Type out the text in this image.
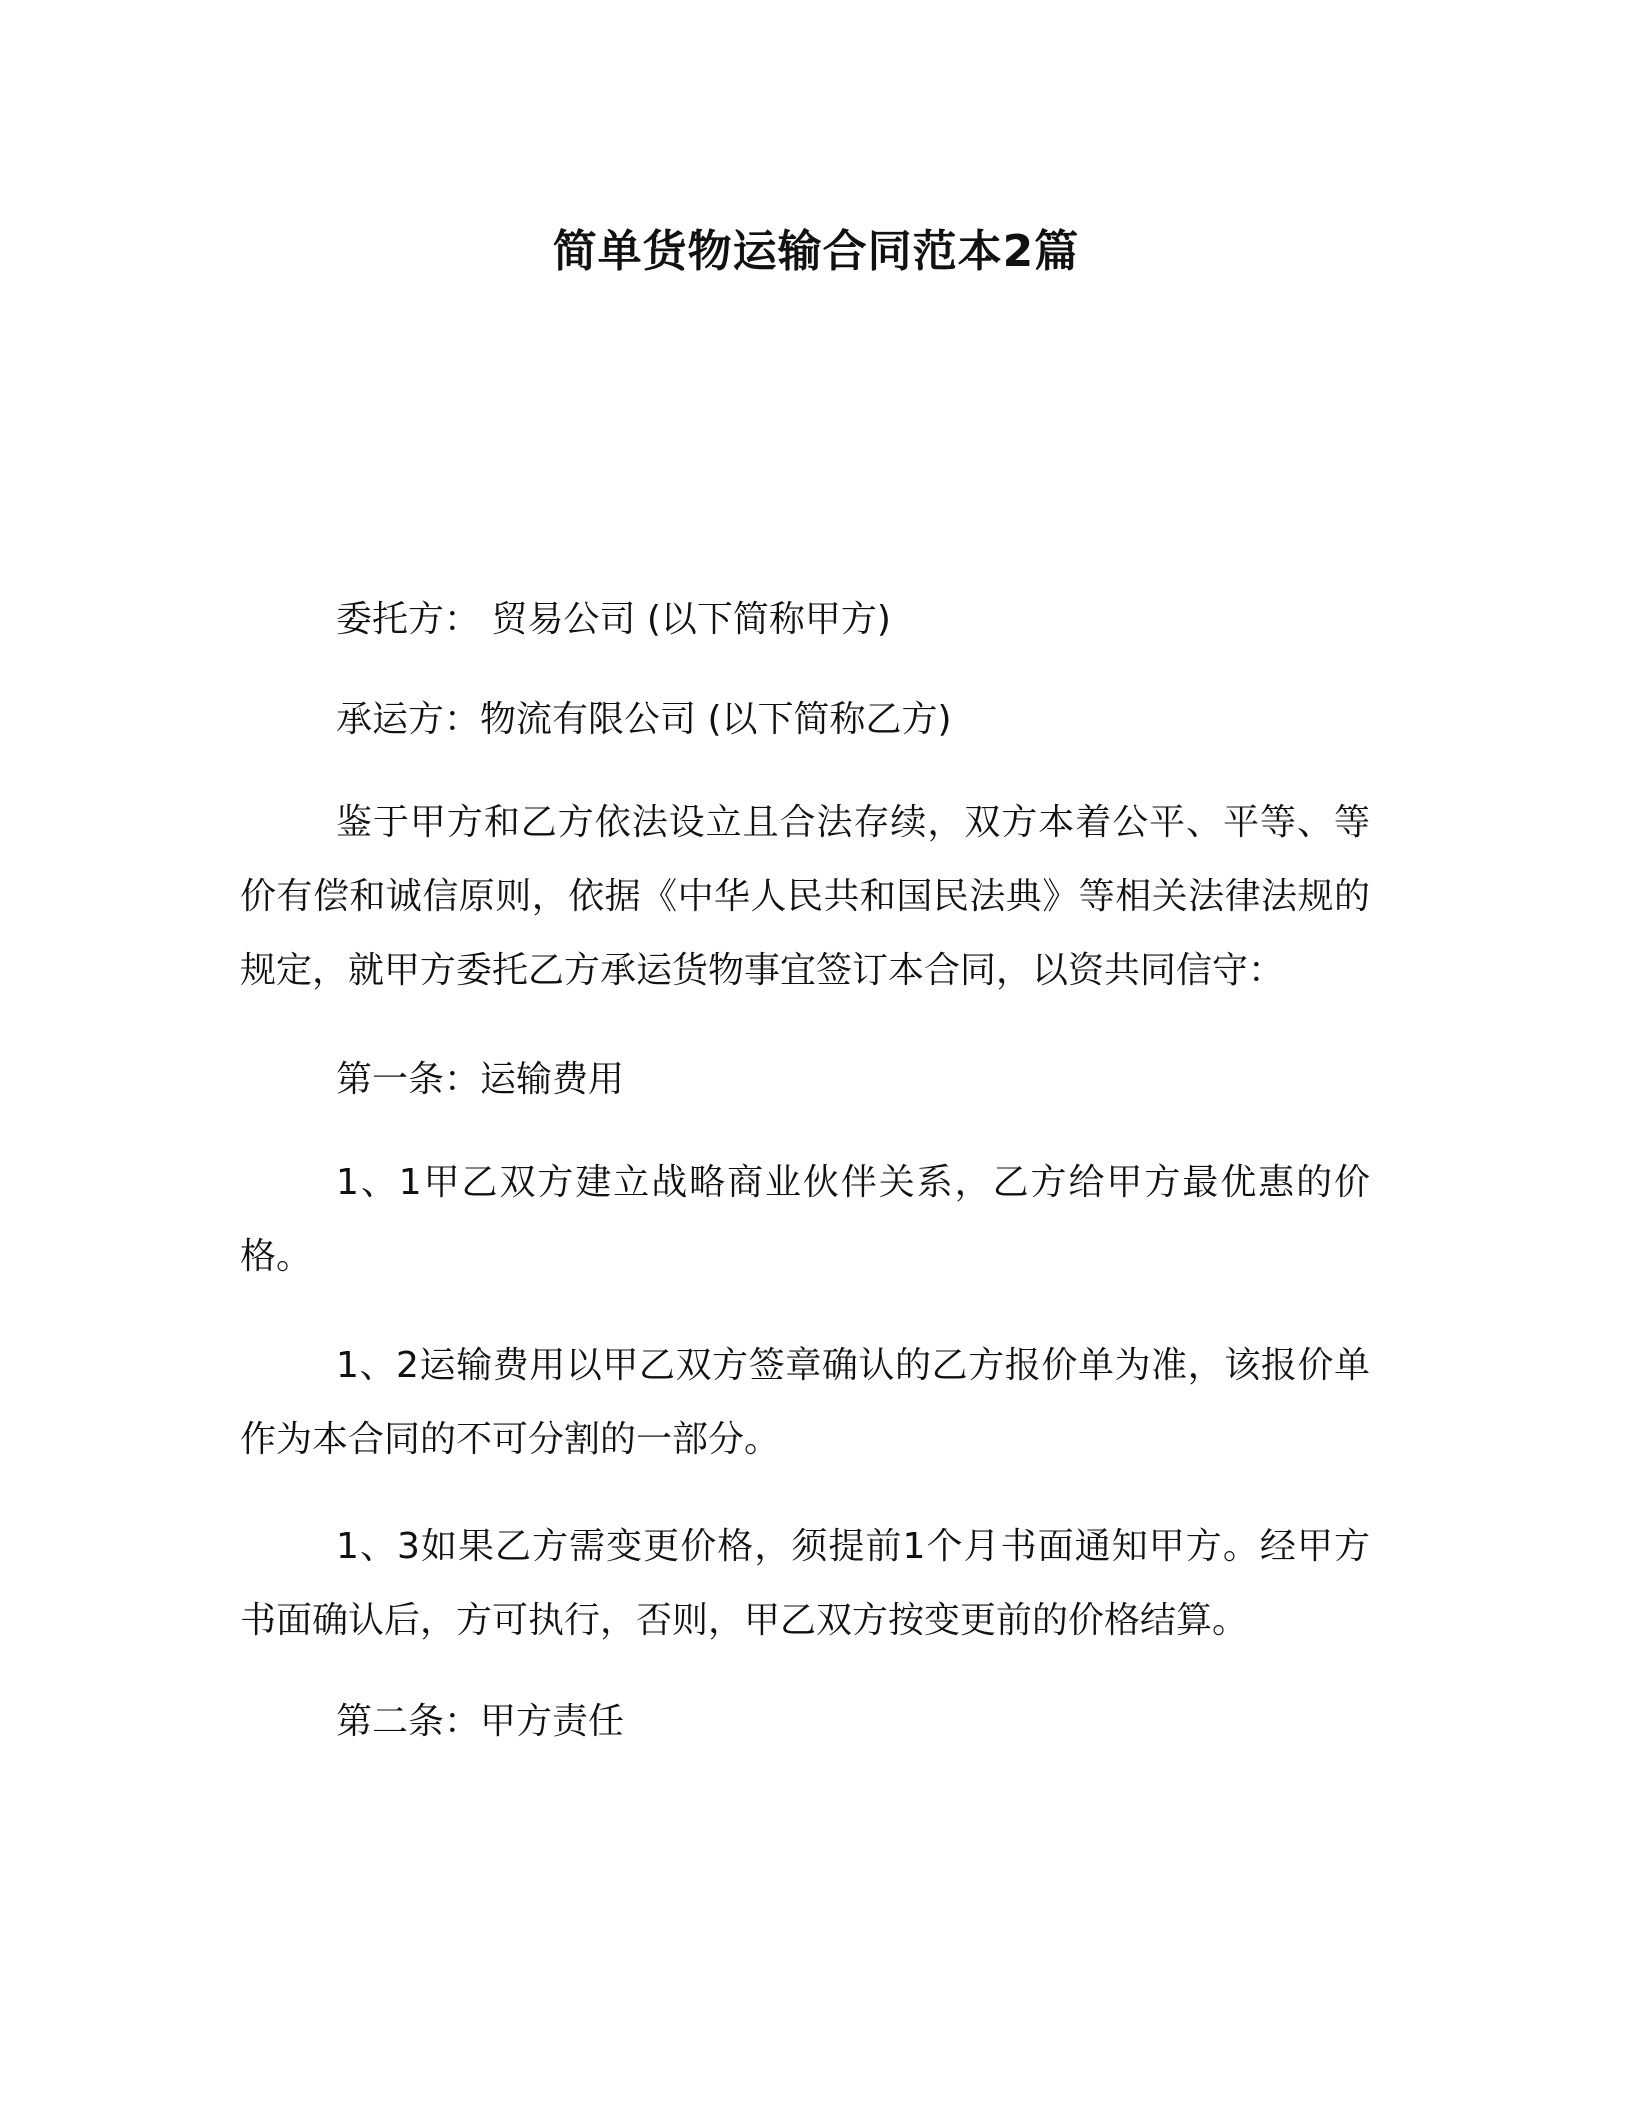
简单货物运输合同范本2篇

委托方： 贸易公司 (以下简称甲方)

承运方：物流有限公司 (以下简称乙方)

鉴于甲方和乙方依法设立且合法存续，双方本着公平、平等、等价有偿和诚信原则，依据《中华人民共和国民法典》等相关法律法规的规定，就甲方委托乙方承运货物事宜签订本合同，以资共同信守：

第一条：运输费用

1、1甲乙双方建立战略商业伙伴关系，乙方给甲方最优惠的价格。

1、2运输费用以甲乙双方签章确认的乙方报价单为准，该报价单作为本合同的不可分割的一部分。

1、3如果乙方需变更价格，须提前1个月书面通知甲方。经甲方书面确认后，方可执行，否则，甲乙双方按变更前的价格结算。

第二条：甲方责任
